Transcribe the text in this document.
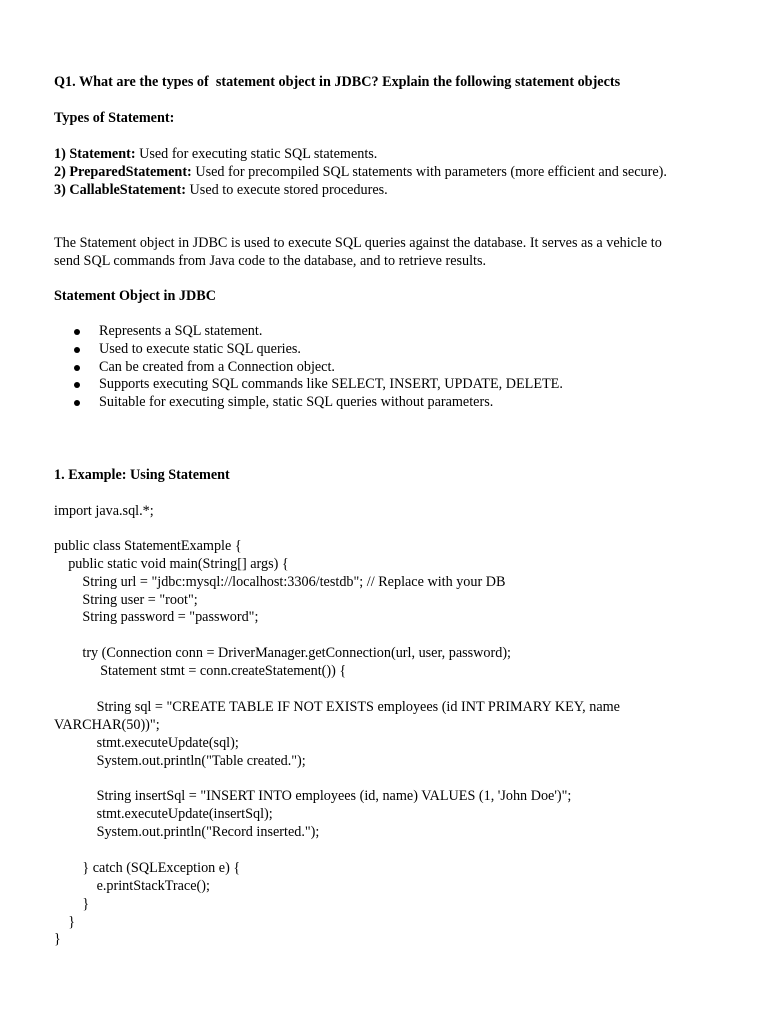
Q1. What are the types of  statement object in JDBC? Explain the following statement objects
Types of Statement:
1) Statement: Used for executing static SQL statements.
2) PreparedStatement: Used for precompiled SQL statements with parameters (more efficient and secure).
3) CallableStatement: Used to execute stored procedures.
The Statement object in JDBC is used to execute SQL queries against the database. It serves as a vehicle to
send SQL commands from Java code to the database, and to retrieve results.
Statement Object in JDBC
Represents a SQL statement.
Used to execute static SQL queries.
Can be created from a Connection object.
Supports executing SQL commands like SELECT, INSERT, UPDATE, DELETE.
Suitable for executing simple, static SQL queries without parameters.
1. Example: Using Statement
import java.sql.*;
public class StatementExample {
public static void main(String[] args) {
String url = "jdbc:mysql://localhost:3306/testdb"; // Replace with your DB
String user = "root";
String password = "password";
try (Connection conn = DriverManager.getConnection(url, user, password);
Statement stmt = conn.createStatement()) {
String sql = "CREATE TABLE IF NOT EXISTS employees (id INT PRIMARY KEY, name
VARCHAR(50))";
stmt.executeUpdate(sql);
System.out.println("Table created.");
String insertSql = "INSERT INTO employees (id, name) VALUES (1, 'John Doe')";
stmt.executeUpdate(insertSql);
System.out.println("Record inserted.");
} catch (SQLException e) {
e.printStackTrace();
}
}
}
